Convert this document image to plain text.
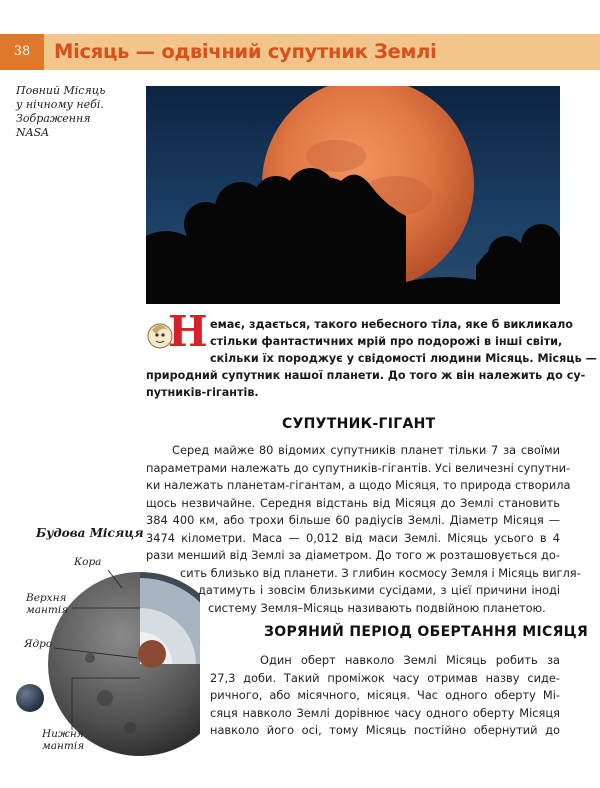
38	Місяць — одвічний супутник Землі
Повний Місяць
у нічному небі.
Зображення
NASA
Н емає, здається, такого небесного тіла, яке б викликало
стільки фантастичних мрій про подорожі в інші світи,
скільки їх породжує у свідомості людини Місяць. Місяць —
природний супутник нашої планети. До того ж він належить до су-
путників-гігантів.
СУПУТНИК-ГІГАНТ
Серед майже 80 відомих супутників планет тільки 7 за своїми
параметрами належать до супутників-гігантів. Усі величезні супутни-
ки належать планетам-гігантам, а щодо Місяця, то природа створила
щось незвичайне. Середня відстань від Місяця до Землі становить
384 400 км, або трохи більше 60 радіусів Землі. Діаметр Місяця —
3474 кілометри. Маса — 0,012 від маси Землі. Місяць усього в 4
рази менший від Землі за діаметром. До того ж розташовується до-
сить близько від планети. З глибин космосу Земля і Місяць вигля-
датимуть і зовсім близькими сусідами, з цієї причини іноді
систему Земля–Місяць називають подвійною планетою.
Будова Місяця
Кора
Верхня
мантія
Ядро
Нижня
мантія
ЗОРЯНИЙ ПЕРІОД ОБЕРТАННЯ МІСЯЦЯ
Один оберт навколо Землі Місяць робить за
27,3 доби. Такий проміжок часу отримав назву сиде-
ричного, або місячного, місяця. Час одного оберту Мі-
сяця навколо Землі дорівнює часу одного оберту Місяця
навколо його осі, тому Місяць постійно обернутий до
